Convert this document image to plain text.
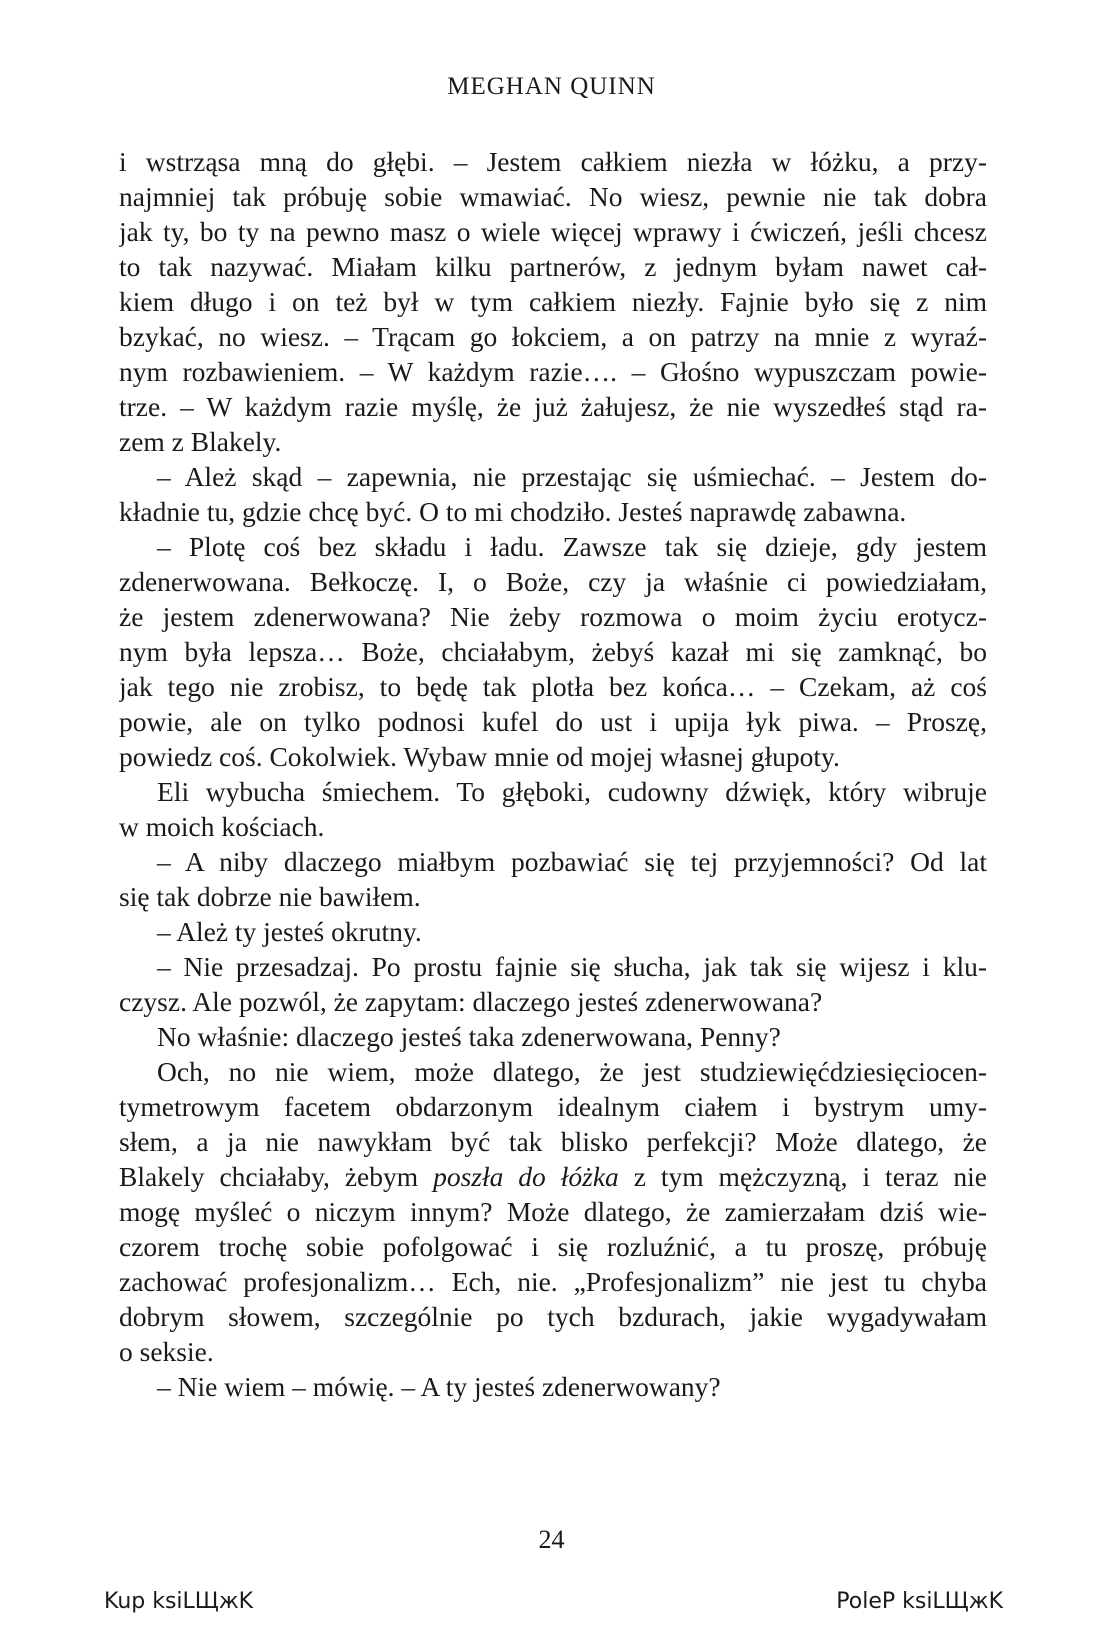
MEGHAN QUINN
i wstrząsa mną do głębi. – Jestem całkiem niezła w łóżku, a przy-
najmniej tak próbuję sobie wmawiać. No wiesz, pewnie nie tak dobra
jak ty, bo ty na pewno masz o wiele więcej wprawy i ćwiczeń, jeśli chcesz
to tak nazywać. Miałam kilku partnerów, z jednym byłam nawet cał-
kiem długo i on też był w tym całkiem niezły. Fajnie było się z nim
bzykać, no wiesz. – Trącam go łokciem, a on patrzy na mnie z wyraź-
nym rozbawieniem. – W każdym razie…. – Głośno wypuszczam powie-
trze. – W każdym razie myślę, że już żałujesz, że nie wyszedłeś stąd ra-
zem z Blakely.
– Ależ skąd – zapewnia, nie przestając się uśmiechać. – Jestem do-
kładnie tu, gdzie chcę być. O to mi chodziło. Jesteś naprawdę zabawna.
– Plotę coś bez składu i ładu. Zawsze tak się dzieje, gdy jestem
zdenerwowana. Bełkoczę. I, o Boże, czy ja właśnie ci powiedziałam,
że jestem zdenerwowana? Nie żeby rozmowa o moim życiu erotycz-
nym była lepsza… Boże, chciałabym, żebyś kazał mi się zamknąć, bo
jak tego nie zrobisz, to będę tak plotła bez końca… – Czekam, aż coś
powie, ale on tylko podnosi kufel do ust i upija łyk piwa. – Proszę,
powiedz coś. Cokolwiek. Wybaw mnie od mojej własnej głupoty.
Eli wybucha śmiechem. To głęboki, cudowny dźwięk, który wibruje
w moich kościach.
– A niby dlaczego miałbym pozbawiać się tej przyjemności? Od lat
się tak dobrze nie bawiłem.
– Ależ ty jesteś okrutny.
– Nie przesadzaj. Po prostu fajnie się słucha, jak tak się wijesz i klu-
czysz. Ale pozwól, że zapytam: dlaczego jesteś zdenerwowana?
No właśnie: dlaczego jesteś taka zdenerwowana, Penny?
Och, no nie wiem, może dlatego, że jest studziewięćdziesięciocen-
tymetrowym facetem obdarzonym idealnym ciałem i bystrym umy-
słem, a ja nie nawykłam być tak blisko perfekcji? Może dlatego, że
Blakely chciałaby, żebym poszła do łóżka z tym mężczyzną, i teraz nie
mogę myśleć o niczym innym? Może dlatego, że zamierzałam dziś wie-
czorem trochę sobie pofolgować i się rozluźnić, a tu proszę, próbuję
zachować profesjonalizm… Ech, nie. „Profesjonalizm” nie jest tu chyba
dobrym słowem, szczególnie po tych bzdurach, jakie wygadywałam
o seksie.
– Nie wiem – mówię. – A ty jesteś zdenerwowany?
24
Kup ksiLЩжK	PoleP ksiLЩжK
